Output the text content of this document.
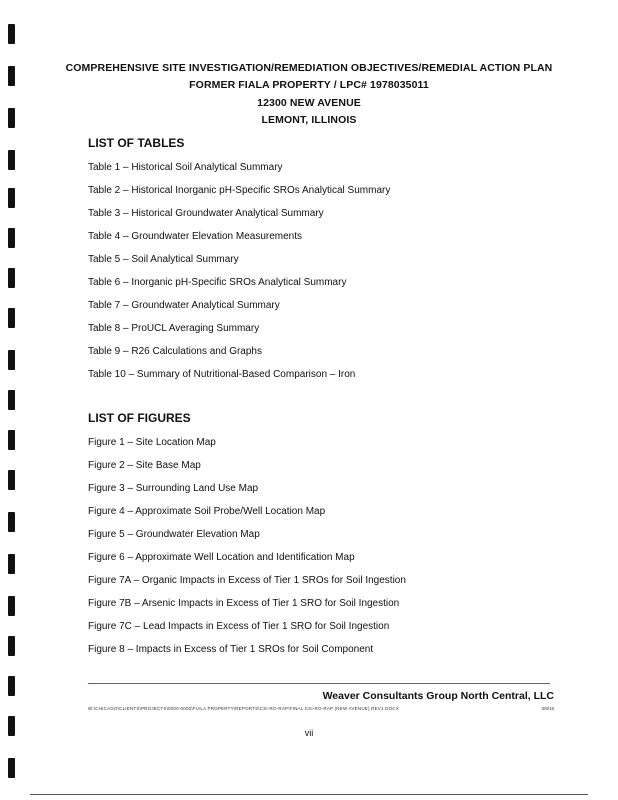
COMPREHENSIVE SITE INVESTIGATION/REMEDIATION OBJECTIVES/REMEDIAL ACTION PLAN
FORMER FIALA PROPERTY / LPC# 1978035011
12300 NEW AVENUE
LEMONT, ILLINOIS
LIST OF TABLES
Table 1 – Historical Soil Analytical Summary
Table 2 – Historical Inorganic pH-Specific SROs Analytical Summary
Table 3 – Historical Groundwater Analytical Summary
Table 4 – Groundwater Elevation Measurements
Table 5 – Soil Analytical Summary
Table 6 – Inorganic pH-Specific SROs Analytical Summary
Table 7 – Groundwater Analytical Summary
Table 8 – ProUCL Averaging Summary
Table 9 – R26 Calculations and Graphs
Table 10 – Summary of Nutritional-Based Comparison – Iron
LIST OF FIGURES
Figure 1 – Site Location Map
Figure 2 – Site Base Map
Figure 3 – Surrounding Land Use Map
Figure 4 – Approximate Soil Probe/Well Location Map
Figure 5 – Groundwater Elevation Map
Figure 6 – Approximate Well Location and Identification Map
Figure 7A – Organic Impacts in Excess of Tier 1 SROs for Soil Ingestion
Figure 7B – Arsenic Impacts in Excess of Tier 1 SRO for Soil Ingestion
Figure 7C – Lead Impacts in Excess of Tier 1 SRO for Soil Ingestion
Figure 8 – Impacts in Excess of Tier 1 SROs for Soil Component
Weaver Consultants Group North Central, LLC
W:\CHICAGO\CLIENTS\PROJECTS\0000-0000\FIALA PROPERTY\REPORTS\CSI-RO-RAP\FINAL CSI-RO-RAP (NEW AVENUE) REV1.DOCX	3/9/18
vii
